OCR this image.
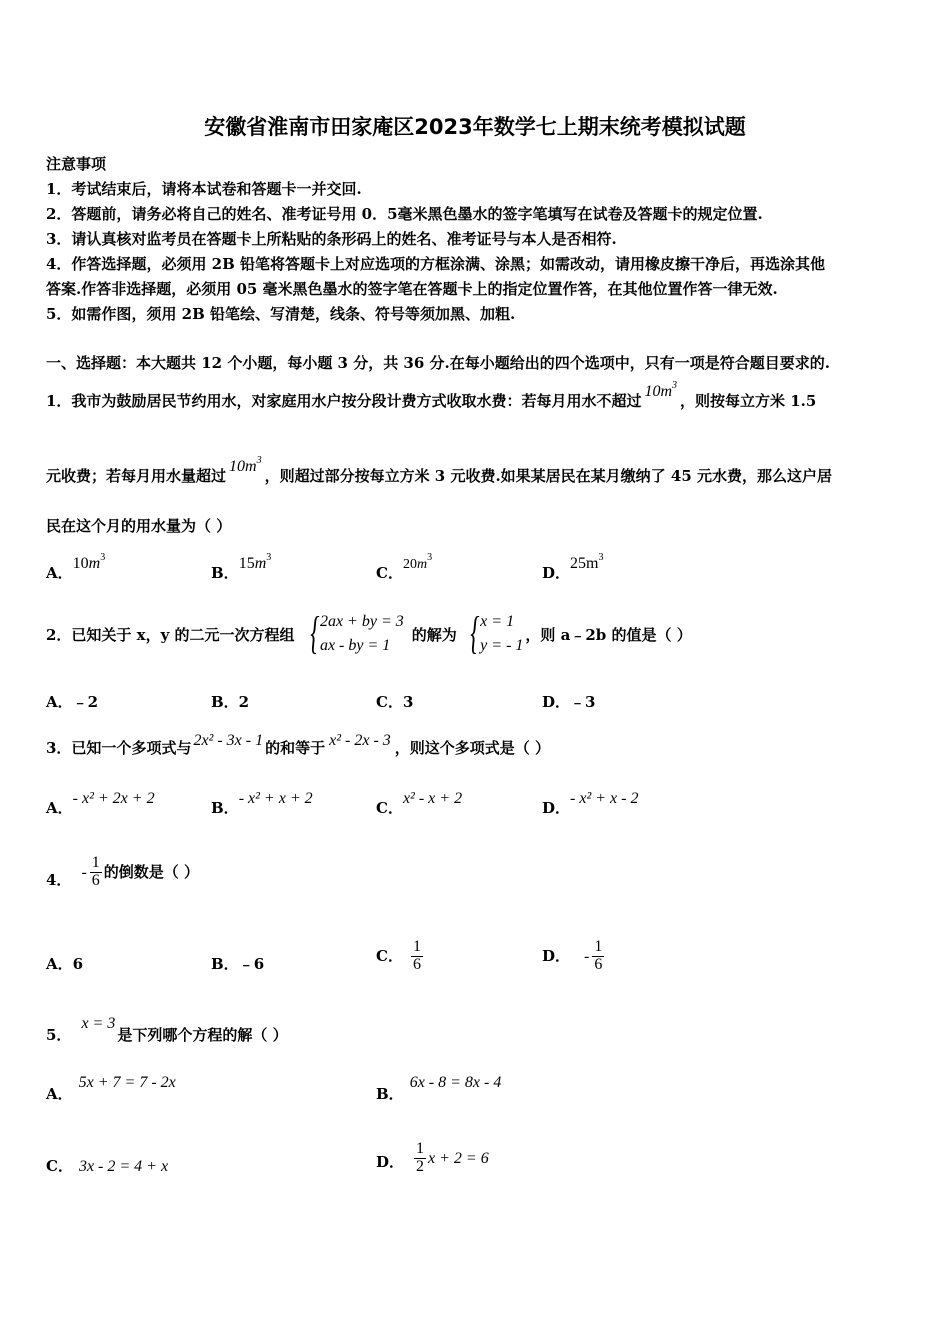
安徽省淮南市田家庵区2023年数学七上期末统考模拟试题
注意事项
1．考试结束后，请将本试卷和答题卡一并交回.
2．答题前，请务必将自己的姓名、准考证号用 0．5毫米黑色墨水的签字笔填写在试卷及答题卡的规定位置.
3．请认真核对监考员在答题卡上所粘贴的条形码上的姓名、准考证号与本人是否相符.
4．作答选择题，必须用 2B 铅笔将答题卡上对应选项的方框涂满、涂黑；如需改动，请用橡皮擦干净后，再选涂其他
答案.作答非选择题，必须用 05 毫米黑色墨水的签字笔在答题卡上的指定位置作答，在其他位置作答一律无效.
5．如需作图，须用 2B 铅笔绘、写清楚，线条、符号等须加黑、加粗.
一、选择题：本大题共 12 个小题，每小题 3 分，共 36 分.在每小题给出的四个选项中，只有一项是符合题目要求的.
1．我市为鼓励居民节约用水，对家庭用水户按分段计费方式收取水费：若每月用水不超过$10m^3$，则按每立方米 1.5
元收费；若每月用水量超过$10m^3$，则超过部分按每立方米 3 元收费.如果某居民在某月缴纳了 45 元水费，那么这户居
民在这个月的用水量为（ ）
A．$10m^3$
B．$15m^3$
C．$20m^3$
D．$25m^3$
2．已知关于 x，y 的二元一次方程组 { 2ax + by = 3
ax - by = 1
的解为 { x = 1
y = - 1
，则 a﹣2b 的值是（ ）
A．﹣2	B．2	C．3	D．﹣3
3．已知一个多项式与 2x² - 3x - 1 的和等于 x² - 2x - 3 ，则这个多项式是（ ）
A．- x² + 2x + 2
B．- x² + x + 2
C．x² - x + 2
D．- x² + x - 2
4． - $\frac{1}{6}$ 的倒数是（ ）
A．6	B．﹣6	C． $\frac{1}{6}$	D． - $\frac{1}{6}$
5．x = 3是下列哪个方程的解（ ）
A．5x + 7 = 7 - 2x
B．6x - 8 = 8x - 4
C． 3x - 2 = 4 + x	D． $\frac{1}{2}$ x + 2 = 6
